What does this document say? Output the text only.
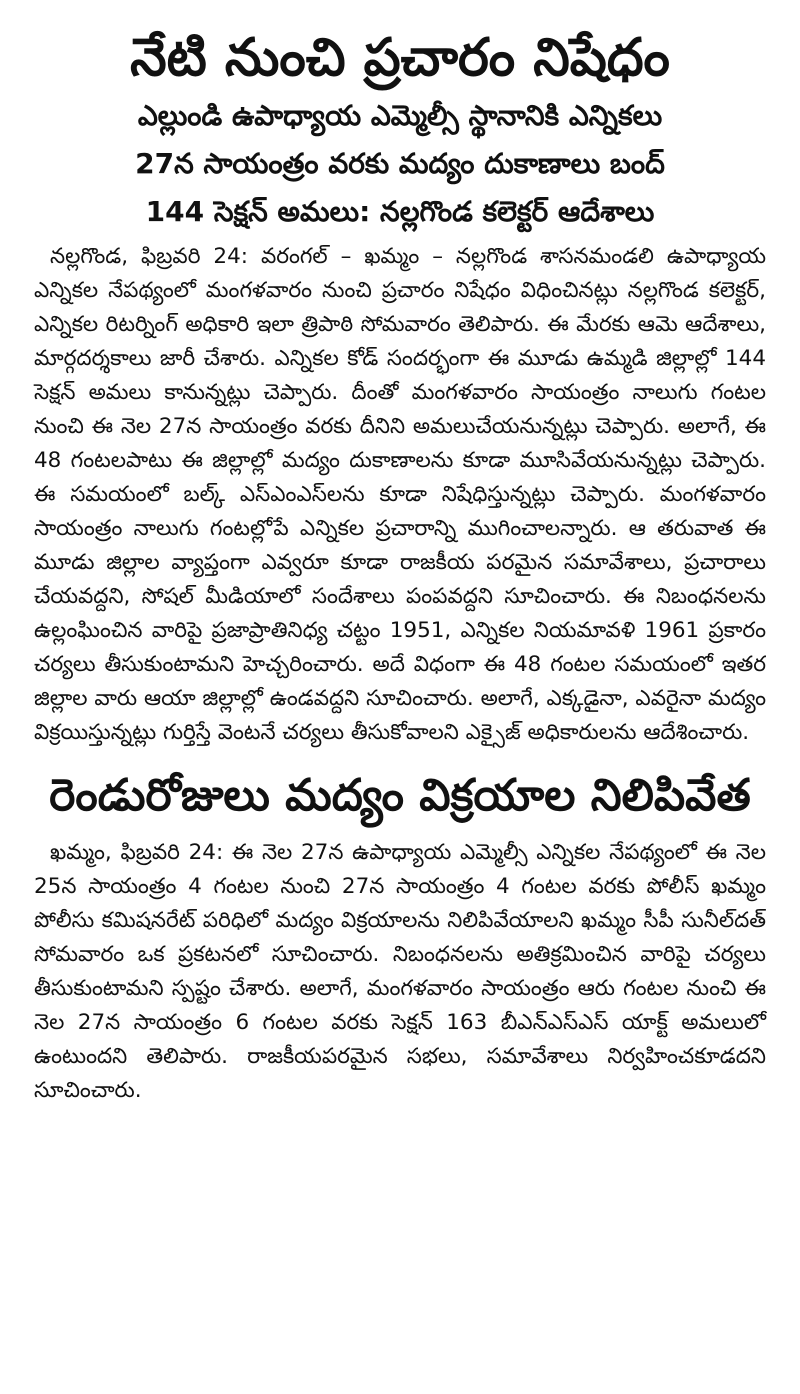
నేటి నుంచి ప్రచారం నిషేధం
ఎల్లుండి ఉపాధ్యాయ ఎమ్మెల్సీ స్థానానికి ఎన్నికలు
27న సాయంత్రం వరకు మద్యం దుకాణాలు బంద్
144 సెక్షన్ అమలు: నల్లగొండ కలెక్టర్ ఆదేశాలు

నల్లగొండ, ఫిబ్రవరి 24: వరంగల్ – ఖమ్మం – నల్లగొండ శాసనమండలి ఉపాధ్యాయ ఎన్నికల నేపథ్యంలో మంగళవారం నుంచి ప్రచారం నిషేధం విధించినట్లు నల్లగొండ కలెక్టర్, ఎన్నికల రిటర్నింగ్ అధికారి ఇలా త్రిపాఠి సోమవారం తెలిపారు. ఈ మేరకు ఆమె ఆదేశాలు, మార్గదర్శకాలు జారీ చేశారు. ఎన్నికల కోడ్ సందర్భంగా ఈ మూడు ఉమ్మడి జిల్లాల్లో 144 సెక్షన్ అమలు కానున్నట్లు చెప్పారు. దీంతో మంగళవారం సాయంత్రం నాలుగు గంటల నుంచి ఈ నెల 27న సాయంత్రం వరకు దీనిని అమలుచేయనున్నట్లు చెప్పారు. అలాగే, ఈ 48 గంటలపాటు ఈ జిల్లాల్లో మద్యం దుకాణాలను కూడా మూసివేయనున్నట్లు చెప్పారు. ఈ సమయంలో బల్క్ ఎస్ఎంఎస్‌లను కూడా నిషేధిస్తున్నట్లు చెప్పారు. మంగళవారం సాయంత్రం నాలుగు గంటల్లోపే ఎన్నికల ప్రచారాన్ని ముగించాలన్నారు. ఆ తరువాత ఈ మూడు జిల్లాల వ్యాప్తంగా ఎవ్వరూ కూడా రాజకీయ పరమైన సమావేశాలు, ప్రచారాలు చేయవద్దని, సోషల్ మీడియాలో సందేశాలు పంపవద్దని సూచించారు. ఈ నిబంధనలను ఉల్లంఘించిన వారిపై ప్రజాప్రాతినిధ్య చట్టం 1951, ఎన్నికల నియమావళి 1961 ప్రకారం చర్యలు తీసుకుంటామని హెచ్చరించారు. అదే విధంగా ఈ 48 గంటల సమయంలో ఇతర జిల్లాల వారు ఆయా జిల్లాల్లో ఉండవద్దని సూచించారు. అలాగే, ఎక్కడైనా, ఎవరైనా మద్యం విక్రయిస్తున్నట్లు గుర్తిస్తే వెంటనే చర్యలు తీసుకోవాలని ఎక్సైజ్ అధికారులను ఆదేశించారు.

రెండురోజులు మద్యం విక్రయాల నిలిపివేత

ఖమ్మం, ఫిబ్రవరి 24: ఈ నెల 27న ఉపాధ్యాయ ఎమ్మెల్సీ ఎన్నికల నేపథ్యంలో ఈ నెల 25న సాయంత్రం 4 గంటల నుంచి 27న సాయంత్రం 4 గంటల వరకు పోలీస్ ఖమ్మం పోలీసు కమిషనరేట్ పరిధిలో మద్యం విక్రయాలను నిలిపివేయాలని ఖమ్మం సీపీ సునీల్‌దత్ సోమవారం ఒక ప్రకటనలో సూచించారు. నిబంధనలను అతిక్రమించిన వారిపై చర్యలు తీసుకుంటామని స్పష్టం చేశారు. అలాగే, మంగళవారం సాయంత్రం ఆరు గంటల నుంచి ఈ నెల 27న సాయంత్రం 6 గంటల వరకు సెక్షన్ 163 బీఎన్ఎస్ఎస్ యాక్ట్ అమలులో ఉంటుందని తెలిపారు. రాజకీయపరమైన సభలు, సమావేశాలు నిర్వహించకూడదని సూచించారు.
